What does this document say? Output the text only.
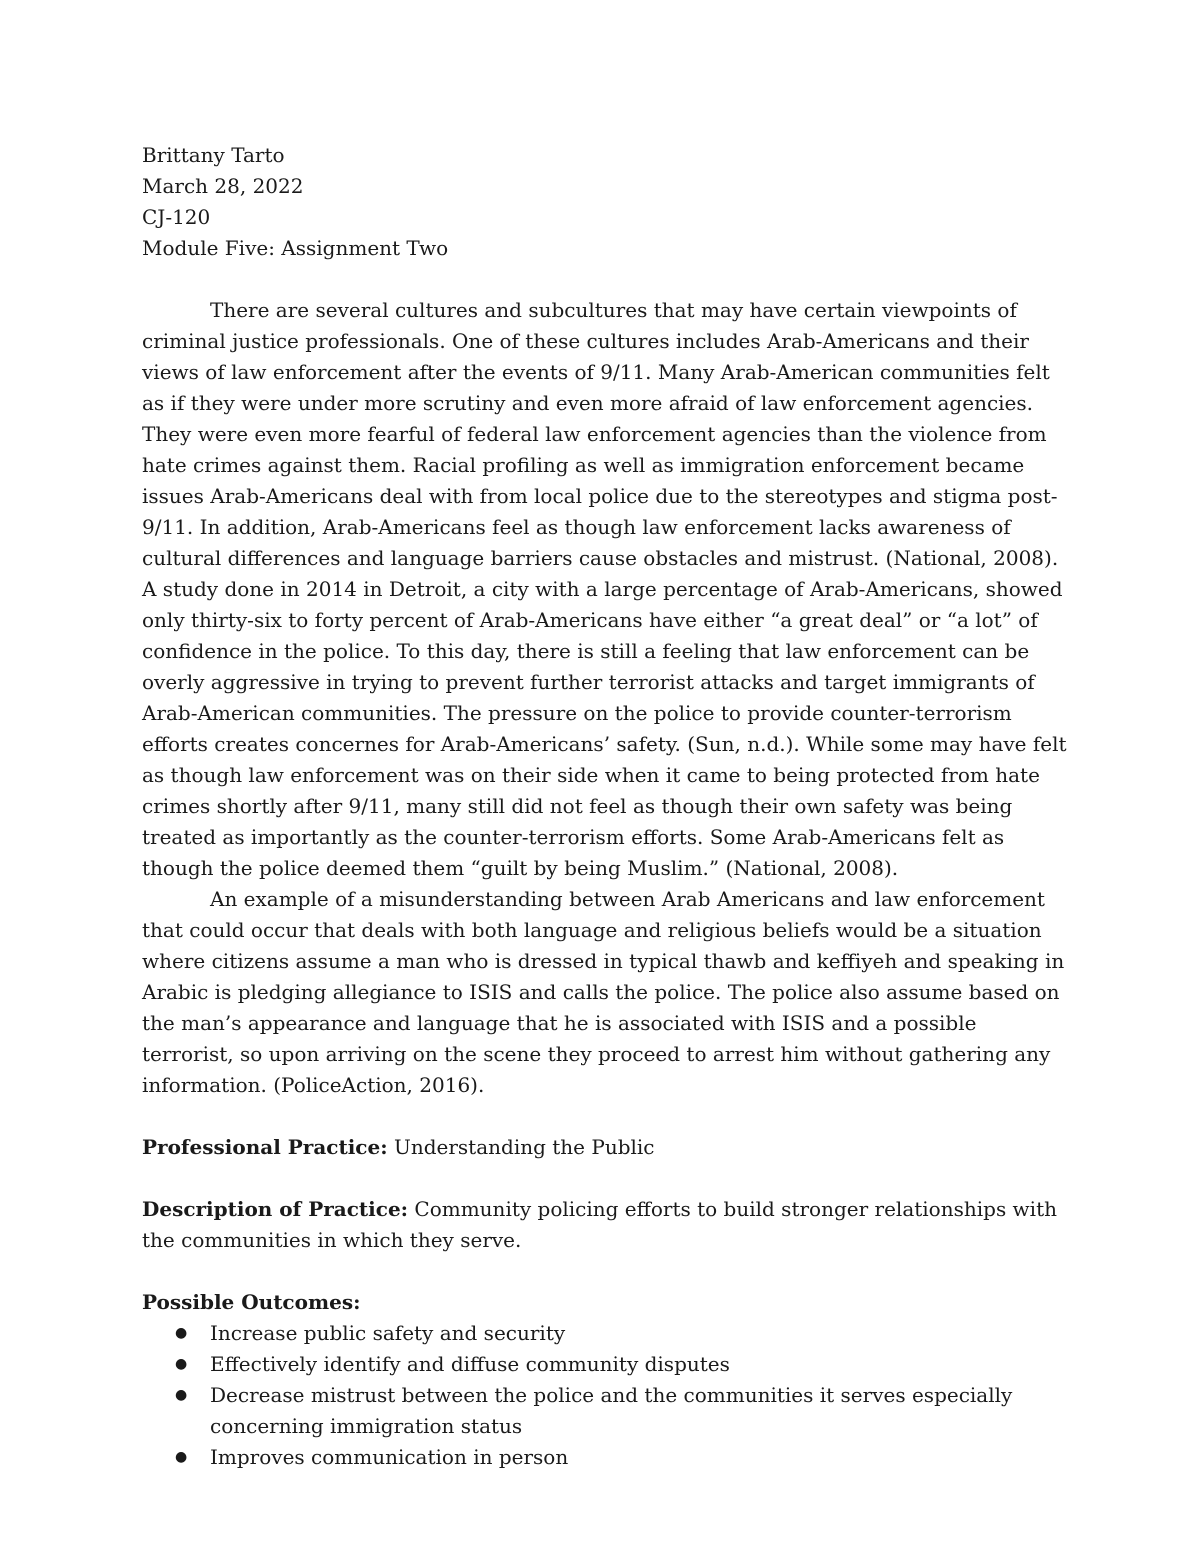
Brittany Tarto
March 28, 2022
CJ-120
Module Five: Assignment Two

There are several cultures and subcultures that may have certain viewpoints of criminal justice professionals. One of these cultures includes Arab-Americans and their views of law enforcement after the events of 9/11. Many Arab-American communities felt as if they were under more scrutiny and even more afraid of law enforcement agencies. They were even more fearful of federal law enforcement agencies than the violence from hate crimes against them. Racial profiling as well as immigration enforcement became issues Arab-Americans deal with from local police due to the stereotypes and stigma post-9/11. In addition, Arab-Americans feel as though law enforcement lacks awareness of cultural differences and language barriers cause obstacles and mistrust. (National, 2008). A study done in 2014 in Detroit, a city with a large percentage of Arab-Americans, showed only thirty-six to forty percent of Arab-Americans have either “a great deal” or “a lot” of confidence in the police. To this day, there is still a feeling that law enforcement can be overly aggressive in trying to prevent further terrorist attacks and target immigrants of Arab-American communities. The pressure on the police to provide counter-terrorism efforts creates concernes for Arab-Americans’ safety. (Sun, n.d.). While some may have felt as though law enforcement was on their side when it came to being protected from hate crimes shortly after 9/11, many still did not feel as though their own safety was being treated as importantly as the counter-terrorism efforts. Some Arab-Americans felt as though the police deemed them “guilt by being Muslim.” (National, 2008).

An example of a misunderstanding between Arab Americans and law enforcement that could occur that deals with both language and religious beliefs would be a situation where citizens assume a man who is dressed in typical thawb and keffiyeh and speaking in Arabic is pledging allegiance to ISIS and calls the police. The police also assume based on the man’s appearance and language that he is associated with ISIS and a possible terrorist, so upon arriving on the scene they proceed to arrest him without gathering any information. (PoliceAction, 2016).

Professional Practice: Understanding the Public

Description of Practice: Community policing efforts to build stronger relationships with the communities in which they serve.

Possible Outcomes:
● Increase public safety and security
● Effectively identify and diffuse community disputes
● Decrease mistrust between the police and the communities it serves especially concerning immigration status
● Improves communication in person
